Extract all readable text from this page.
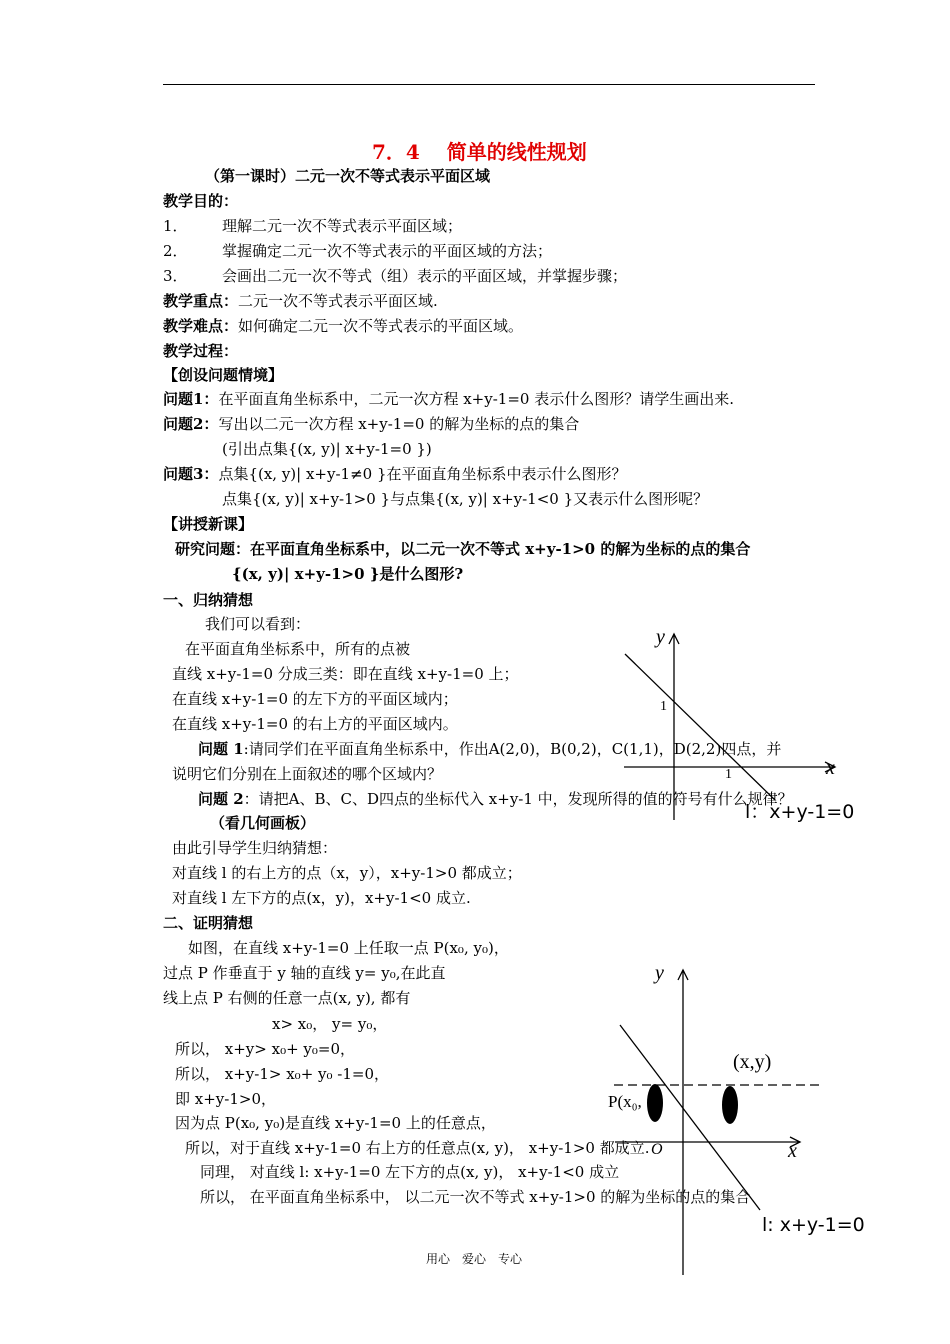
7．4　 简单的线性规划
（第一课时）二元一次不等式表示平面区域
教学目的：
1． 理解二元一次不等式表示平面区域；
2． 掌握确定二元一次不等式表示的平面区域的方法；
3． 会画出二元一次不等式（组）表示的平面区域，并掌握步骤；
教学重点：二元一次不等式表示平面区域.
教学难点：如何确定二元一次不等式表示的平面区域。
教学过程：
【创设问题情境】
问题1：在平面直角坐标系中，二元一次方程 x+y-1=0 表示什么图形？请学生画出来.
问题2：写出以二元一次方程 x+y-1=0 的解为坐标的点的集合
(引出点集{(x, y)| x+y-1=0 })
问题3：点集{(x, y)| x+y-1≠0 }在平面直角坐标系中表示什么图形？
点集{(x, y)| x+y-1>0 }与点集{(x, y)| x+y-1<0 }又表示什么图形呢？
【讲授新课】
研究问题：在平面直角坐标系中，以二元一次不等式 x+y-1>0 的解为坐标的点的集合
{(x, y)| x+y-1>0 }是什么图形?
一、归纳猜想
我们可以看到：
在平面直角坐标系中，所有的点被
直线 x+y-1=0 分成三类：即在直线 x+y-1=0 上；
在直线 x+y-1=0 的左下方的平面区域内；
在直线 x+y-1=0 的右上方的平面区域内。
问题 1:请同学们在平面直角坐标系中，作出A(2,0)，B(0,2)，C(1,1)，D(2,2)四点，并
说明它们分别在上面叙述的哪个区域内？
问题 2：请把A、B、C、D四点的坐标代入 x+y-1 中，发现所得的值的符号有什么规律？
（看几何画板）
由此引导学生归纳猜想：
对直线 l 的右上方的点（x，y），x+y-1>0 都成立；
对直线 l 左下方的点(x，y)，x+y-1<0 成立.
二、证明猜想
如图，在直线 x+y-1=0 上任取一点 P(x₀, y₀)，
过点 P 作垂直于 y 轴的直线 y= y₀,在此直
线上点 P 右侧的任意一点(x, y), 都有
x> x₀， y= y₀，
所以， x+y> x₀+ y₀=0，
所以， x+y-1> x₀+ y₀ -1=0，
即 x+y-1>0，
因为点 P(x₀, y₀)是直线 x+y-1=0 上的任意点，
所以，对于直线 x+y-1=0 右上方的任意点(x, y)， x+y-1>0 都成立.
同理， 对直线 l: x+y-1=0 左下方的点(x, y)， x+y-1<0 成立
所以， 在平面直角坐标系中， 以二元一次不等式 x+y-1>0 的解为坐标的点的集合
y
x
1
1
l：x+y-1=0
y
x
O
(x,y)
P(x₀,
l: x+y-1=0
用心　爱心　专心
